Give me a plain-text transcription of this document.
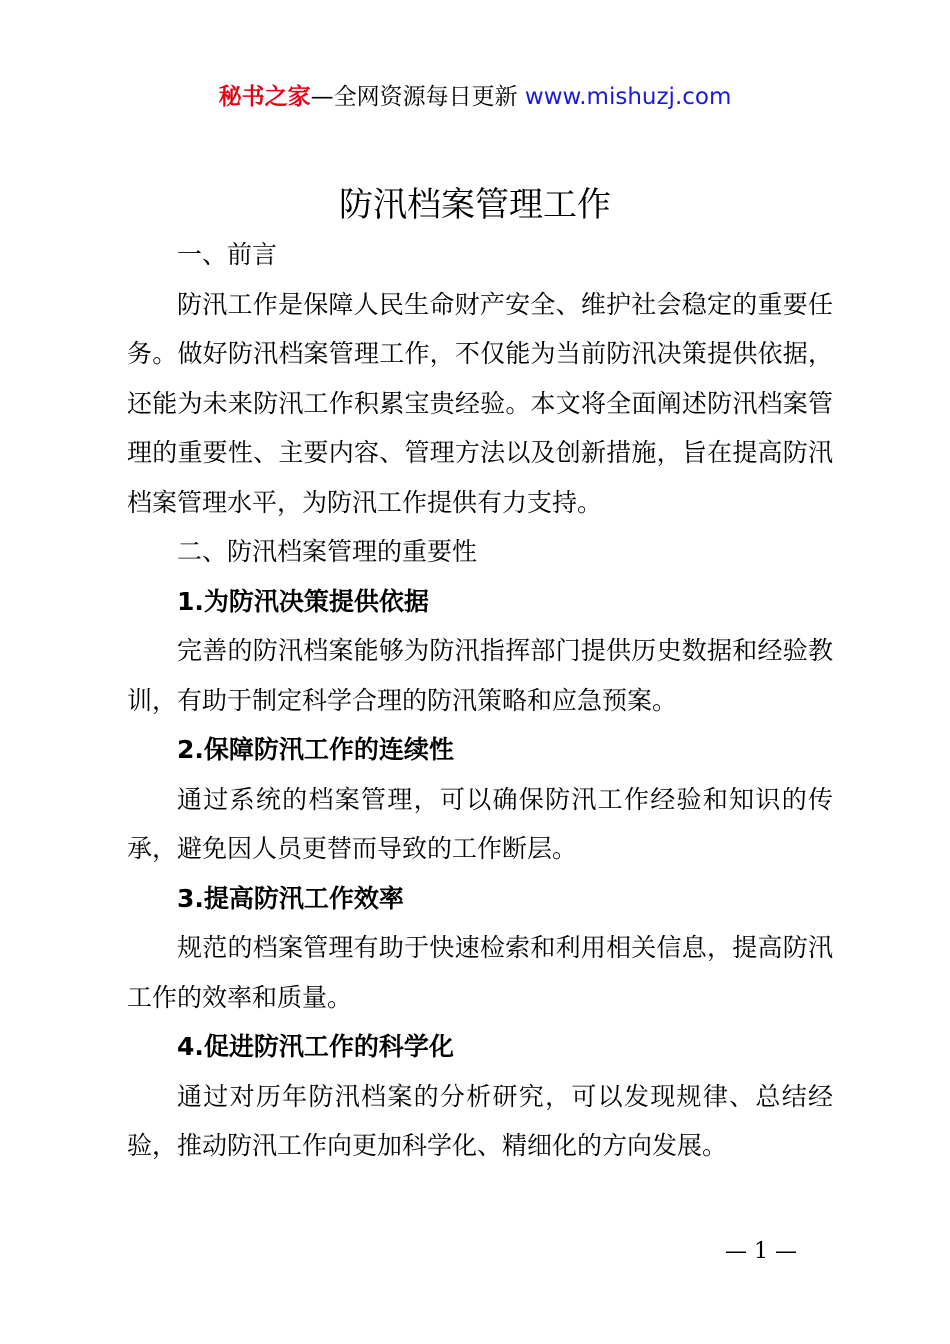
秘书之家—全网资源每日更新 www.mishuzj.com
防汛档案管理工作

一、前言

防汛工作是保障人民生命财产安全、维护社会稳定的重要任务。做好防汛档案管理工作，不仅能为当前防汛决策提供依据，还能为未来防汛工作积累宝贵经验。本文将全面阐述防汛档案管理的重要性、主要内容、管理方法以及创新措施，旨在提高防汛档案管理水平，为防汛工作提供有力支持。

二、防汛档案管理的重要性

1.为防汛决策提供依据

完善的防汛档案能够为防汛指挥部门提供历史数据和经验教训，有助于制定科学合理的防汛策略和应急预案。

2.保障防汛工作的连续性

通过系统的档案管理，可以确保防汛工作经验和知识的传承，避免因人员更替而导致的工作断层。

3.提高防汛工作效率

规范的档案管理有助于快速检索和利用相关信息，提高防汛工作的效率和质量。

4.促进防汛工作的科学化

通过对历年防汛档案的分析研究，可以发现规律、总结经验，推动防汛工作向更加科学化、精细化的方向发展。

— 1 —
